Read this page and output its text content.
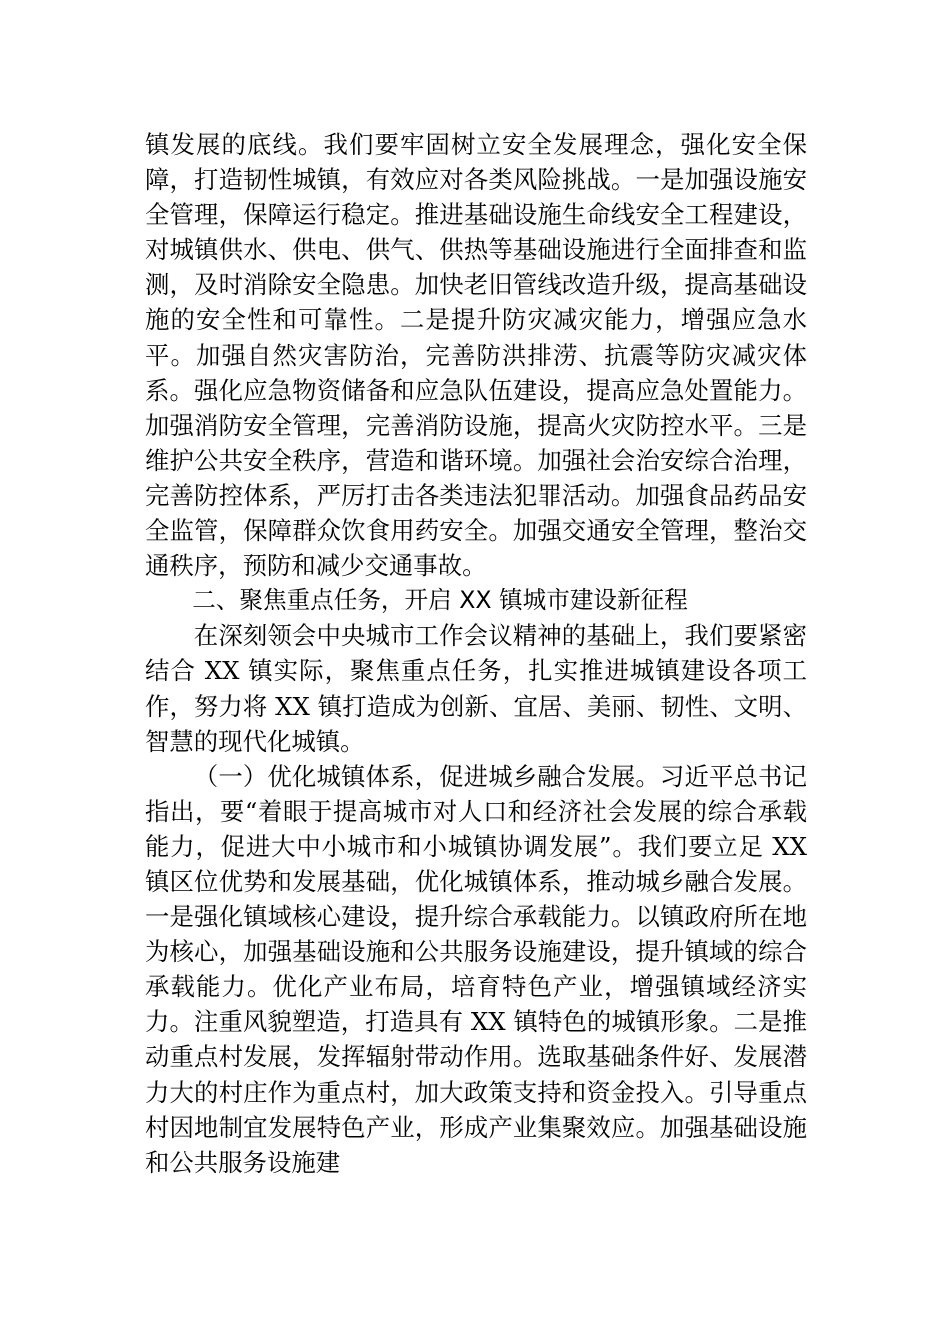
镇发展的底线。我们要牢固树立安全发展理念，强化安全保障，打造韧性城镇，有效应对各类风险挑战。一是加强设施安全管理，保障运行稳定。推进基础设施生命线安全工程建设，对城镇供水、供电、供气、供热等基础设施进行全面排查和监测，及时消除安全隐患。加快老旧管线改造升级，提高基础设施的安全性和可靠性。二是提升防灾减灾能力，增强应急水平。加强自然灾害防治，完善防洪排涝、抗震等防灾减灾体系。强化应急物资储备和应急队伍建设，提高应急处置能力。加强消防安全管理，完善消防设施，提高火灾防控水平。三是维护公共安全秩序，营造和谐环境。加强社会治安综合治理，完善防控体系，严厉打击各类违法犯罪活动。加强食品药品安全监管，保障群众饮食用药安全。加强交通安全管理，整治交通秩序，预防和减少交通事故。

二、聚焦重点任务，开启 XX 镇城市建设新征程

在深刻领会中央城市工作会议精神的基础上，我们要紧密结合 XX 镇实际，聚焦重点任务，扎实推进城镇建设各项工作，努力将 XX 镇打造成为创新、宜居、美丽、韧性、文明、智慧的现代化城镇。

（一）优化城镇体系，促进城乡融合发展。习近平总书记指出，要“着眼于提高城市对人口和经济社会发展的综合承载能力，促进大中小城市和小城镇协调发展”。我们要立足 XX 镇区位优势和发展基础，优化城镇体系，推动城乡融合发展。一是强化镇域核心建设，提升综合承载能力。以镇政府所在地为核心，加强基础设施和公共服务设施建设，提升镇域的综合承载能力。优化产业布局，培育特色产业，增强镇域经济实力。注重风貌塑造，打造具有 XX 镇特色的城镇形象。二是推动重点村发展，发挥辐射带动作用。选取基础条件好、发展潜力大的村庄作为重点村，加大政策支持和资金投入。引导重点村因地制宜发展特色产业，形成产业集聚效应。加强基础设施和公共服务设施建
